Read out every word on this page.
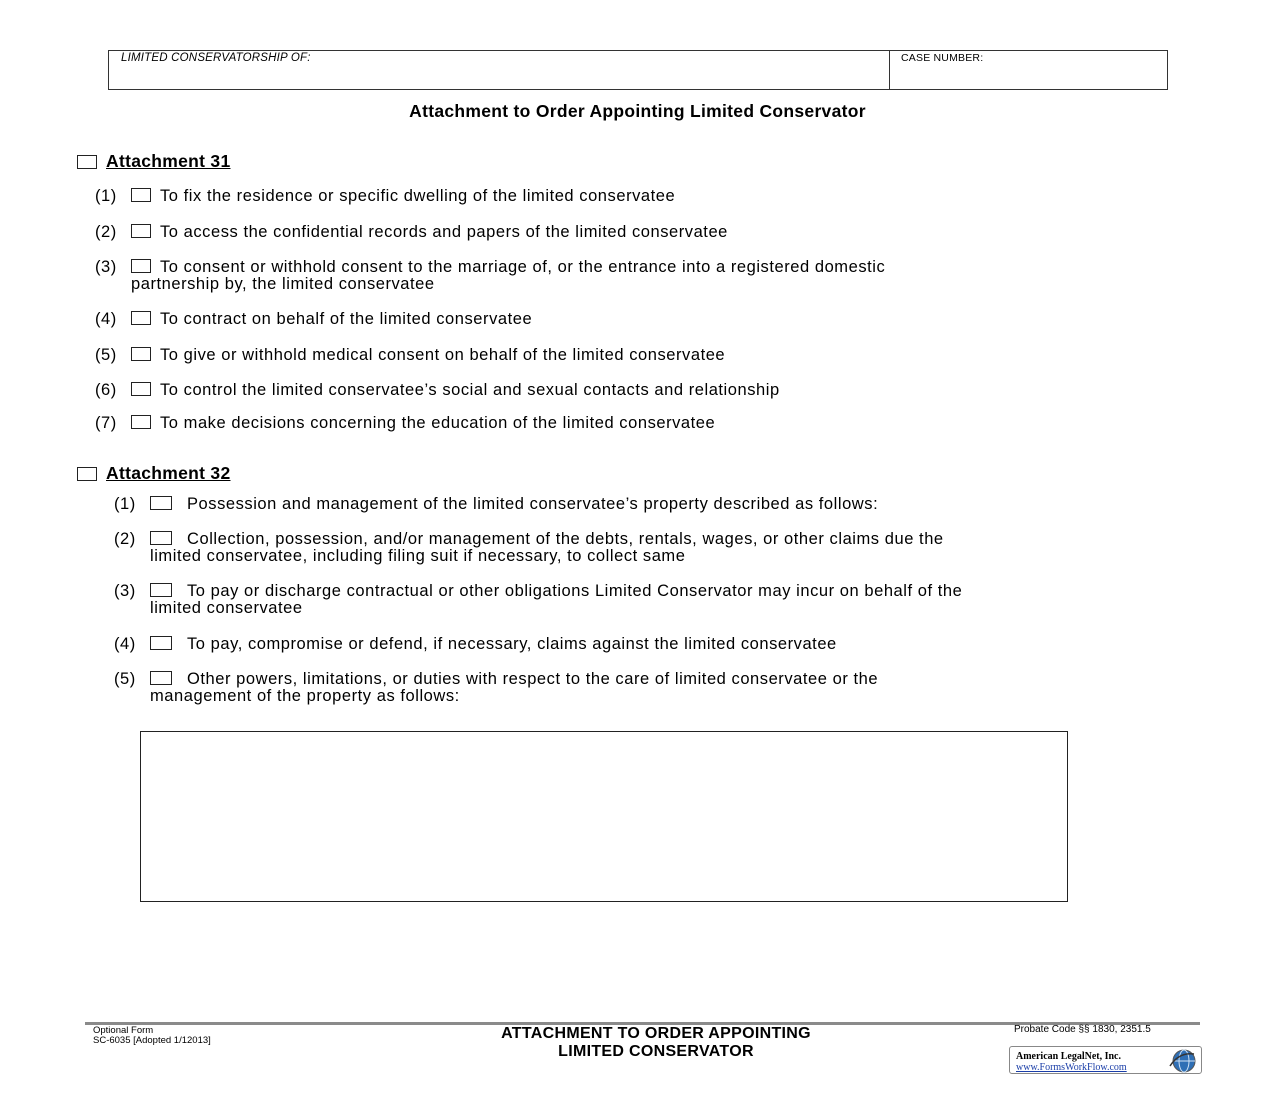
LIMITED CONSERVATORSHIP OF:	CASE NUMBER:
Attachment to Order Appointing Limited Conservator
Attachment 31
(1)	To fix the residence or specific dwelling of the limited conservatee
(2)	To access the confidential records and papers of the limited conservatee
(3)	To consent or withhold consent to the marriage of, or the entrance into a registered domestic
partnership by, the limited conservatee
(4)	To contract on behalf of the limited conservatee
(5)	To give or withhold medical consent on behalf of the limited conservatee
(6)	To control the limited conservatee’s social and sexual contacts and relationship
(7)	To make decisions concerning the education of the limited conservatee
Attachment 32
(1)	Possession and management of the limited conservatee’s property described as follows:
(2)	Collection, possession, and/or management of the debts, rentals, wages, or other claims due the
limited conservatee, including filing suit if necessary, to collect same
(3)	To pay or discharge contractual or other obligations Limited Conservator may incur on behalf of the
limited conservatee
(4)	To pay, compromise or defend, if necessary, claims against the limited conservatee
(5)	Other powers, limitations, or duties with respect to the care of limited conservatee or the
management of the property as follows:
Optional Form
SC-6035 [Adopted 1/12013]	ATTACHMENT TO ORDER APPOINTING
LIMITED CONSERVATOR
Probate Code §§ 1830, 2351.5
American LegalNet, Inc.
www.FormsWorkFlow.com
